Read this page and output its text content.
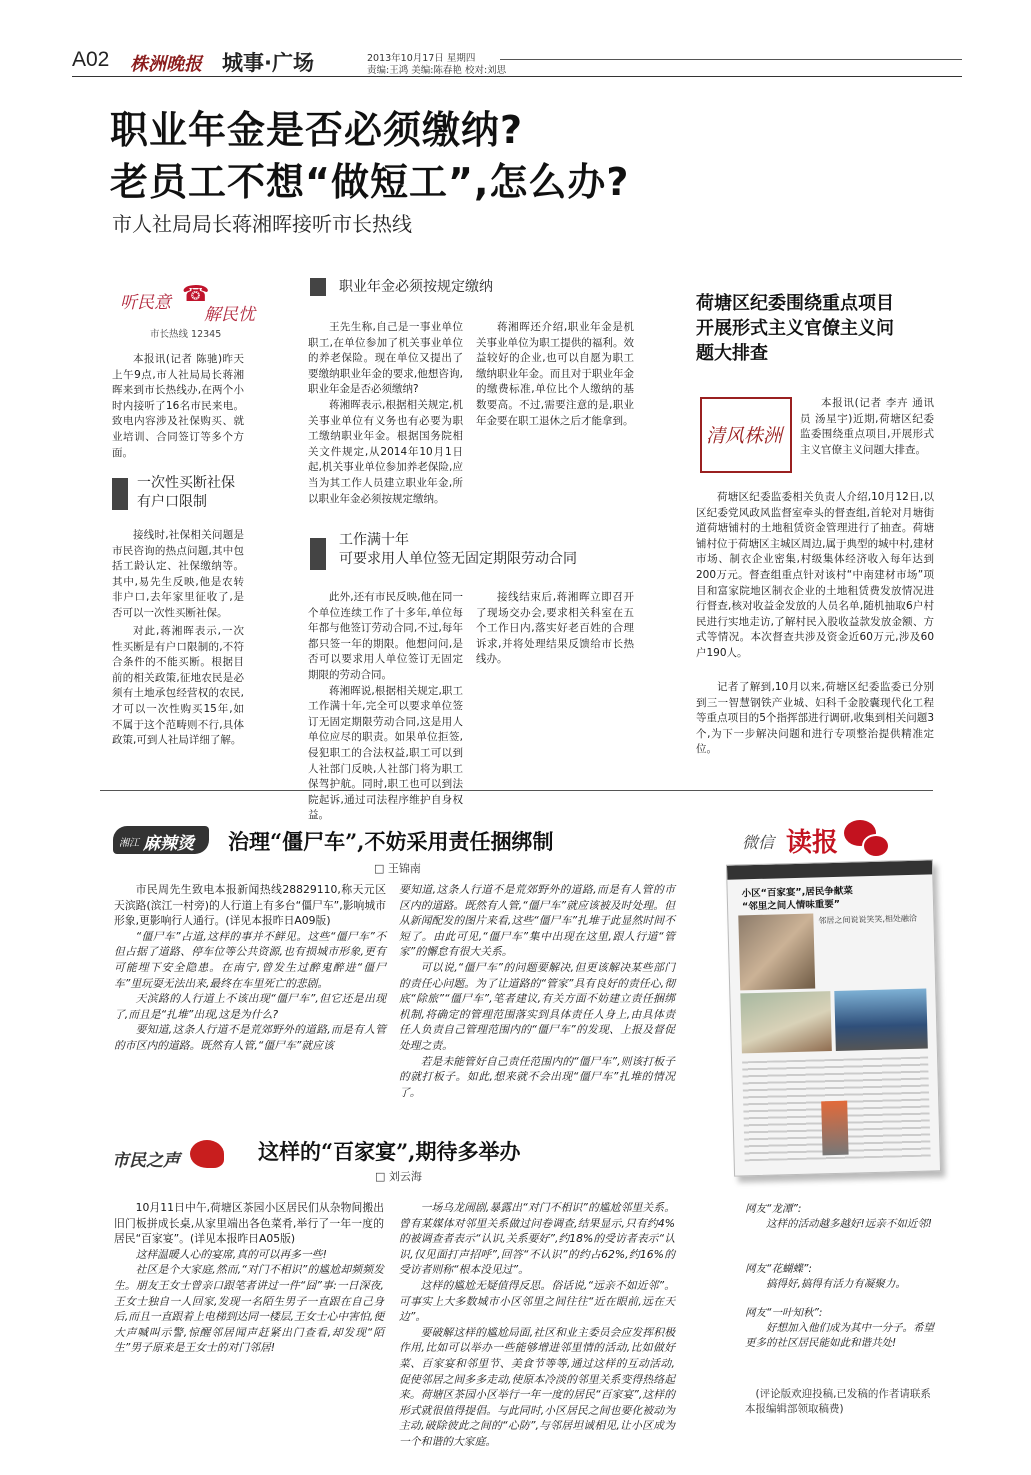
A02 株洲晚报 城事·广场	2013年10月17日 星期四
责编:王鸿 美编:陈春艳 校对:刘思
职业年金是否必须缴纳?
老员工不想“做短工”,怎么办?
市人社局局长蒋湘晖接听市长热线
听民意 ☎
解民忧
市长热线 12345
本报讯(记者 陈驰)昨天上午9点,市人社局局长蒋湘晖来到市长热线办,在两个小时内接听了16名市民来电。致电内容涉及社保购买、就业培训、合同签订等多个方面。
一次性买断社保
有户口限制
接线时,社保相关问题是市民咨询的热点问题,其中包括工龄认定、社保缴纳等。其中,易先生反映,他是农转非户口,去年家里征收了,是否可以一次性买断社保。
对此,蒋湘晖表示,一次性买断是有户口限制的,不符合条件的不能买断。根据目前的相关政策,征地农民是必须有土地承包经营权的农民,才可以一次性购买15年,如不属于这个范畴则不行,具体政策,可到人社局详细了解。
职业年金必须按规定缴纳

王先生称,自己是一事业单位职工,在单位参加了机关事业单位的养老保险。现在单位又提出了要缴纳职业年金的要求,他想咨询,职业年金是否必须缴纳?

蒋湘晖表示,根据相关规定,机关事业单位有义务也有必要为职工缴纳职业年金。根据国务院相关文件规定,从2014年10月1日起,机关事业单位参加养老保险,应当为其工作人员建立职业年金,所以职业年金必须按规定缴纳。

蒋湘晖还介绍,职业年金是机关事业单位为职工提供的福利。效益较好的企业,也可以自愿为职工缴纳职业年金。而且对于职业年金的缴费标准,单位比个人缴纳的基数要高。不过,需要注意的是,职业年金要在职工退休之后才能拿到。

工作满十年
可要求用人单位签无固定期限劳动合同

此外,还有市民反映,他在同一个单位连续工作了十多年,单位每年都与他签订劳动合同,不过,每年都只签一年的期限。他想问问,是否可以要求用人单位签订无固定期限的劳动合同。

蒋湘晖说,根据相关规定,职工工作满十年,完全可以要求单位签订无固定期限劳动合同,这是用人单位应尽的职责。如果单位拒签,侵犯职工的合法权益,职工可以到人社部门反映,人社部门将为职工保驾护航。同时,职工也可以到法院起诉,通过司法程序维护自身权益。

接线结束后,蒋湘晖立即召开了现场交办会,要求相关科室在五个工作日内,落实好老百姓的合理诉求,并将处理结果反馈给市长热线办。

荷塘区纪委围绕重点项目
开展形式主义官僚主义问
题大排查
清风株洲
本报讯(记者 李卉 通讯员 汤星宇)近期,荷塘区纪委监委围绕重点项目,开展形式主义官僚主义问题大排查。
荷塘区纪委监委相关负责人介绍,10月12日,以区纪委党风政风监督室牵头的督查组,首轮对月塘街道荷塘铺村的土地租赁资金管理进行了抽查。荷塘铺村位于荷塘区主城区周边,属于典型的城中村,建材市场、制衣企业密集,村级集体经济收入每年达到200万元。督查组重点针对该村“中南建材市场”项目和富家院地区制衣企业的土地租赁费发放情况进行督查,核对收益金发放的人员名单,随机抽取6户村民进行实地走访,了解村民入股收益款发放金额、方式等情况。本次督查共涉及资金近60万元,涉及60户190人。
记者了解到,10月以来,荷塘区纪委监委已分别到三一智慧钢铁产业城、妇科千金胶囊现代化工程等重点项目的5个指挥部进行调研,收集到相关问题3个,为下一步解决问题和进行专项整治提供精准定位。
湘江 麻辣烫 治理“僵尸车”,不妨采用责任捆绑制
□ 王锦南

市民周先生致电本报新闻热线28829110,称天元区天滨路(滨江一村旁)的人行道上有多台“僵尸车”,影响城市形象,更影响行人通行。(详见本报昨日A09版)

“僵尸车”占道,这样的事并不鲜见。这些“僵尸车”不但占据了道路、停车位等公共资源,也有损城市形象,更有可能埋下安全隐患。在南宁,曾发生过醉鬼醉进“僵尸车”里玩耍无法出来,最终在车里死亡的悲剧。

天滨路的人行道上不该出现“僵尸车”,但它还是出现了,而且是“扎堆”出现,这是为什么?

要知道,这条人行道不是荒郊野外的道路,而是有人管的市区内的道路。既然有人管,“僵尸车”就应该

要知道,这条人行道不是荒郊野外的道路,而是有人管的市区内的道路。既然有人管,“僵尸车”就应该被及时处理。但从新闻配发的图片来看,这些“僵尸车”扎堆于此显然时间不短了。由此可见,“僵尸车”集中出现在这里,跟人行道“管家”的懈怠有很大关系。

可以说,“僵尸车”的问题要解决,但更该解决某些部门的责任心问题。为了让道路的“管家”具有良好的责任心,彻底“除旅”“僵尸车”,笔者建议,有关方面不妨建立责任捆绑机制,将确定的管理范围落实到具体责任人身上,由具体责任人负责自己管理范围内的“僵尸车”的发现、上报及督促处理之责。

若是未能管好自己责任范围内的“僵尸车”,则该打板子的就打板子。如此,想来就不会出现“僵尸车”扎堆的情况了。

市民之声	这样的“百家宴”,期待多举办
□ 刘云海

10月11日中午,荷塘区茶园小区居民们从杂物间搬出旧门板拼成长桌,从家里端出各色菜肴,举行了一年一度的居民“百家宴”。(详见本报昨日A05版)

这样温暖人心的宴席,真的可以再多一些!

社区是个大家庭,然而,“对门不相识”的尴尬却频频发生。朋友王女士曾亲口跟笔者讲过一件“囧”事:一日深夜,王女士独自一人回家,发现一名陌生男子一直跟在自己身后,而且一直跟着上电梯到达同一楼层,王女士心中害怕,便大声喊叫示警,惊醒邻居闻声赶紧出门查看,却发现“陌生”男子原来是王女士的对门邻居!

一场乌龙闹剧,暴露出“对门不相识”的尴尬邻里关系。曾有某媒体对邻里关系做过问卷调查,结果显示,只有约4%的被调查者表示“认识,关系要好”,约18%的受访者表示“认识,仅见面打声招呼”,回答“不认识”的约占62%,约16%的受访者则称“根本没见过”。

这样的尴尬无疑值得反思。俗话说,“远亲不如近邻”。可事实上大多数城市小区邻里之间往往“近在眼前,远在天边”。

要破解这样的尴尬局面,社区和业主委员会应发挥积极作用,比如可以举办一些能够增进邻里情的活动,比如做好菜、百家宴和邻里节、美食节等等,通过这样的互动活动,促使邻居之间多多走动,使原本冷淡的邻里关系变得热络起来。荷塘区茶园小区举行一年一度的居民“百家宴”,这样的形式就很值得提倡。与此同时,小区居民之间也要化被动为主动,破除彼此之间的“心防”,与邻居坦诚相见,让小区成为一个和谐的大家庭。

微信 读报
小区“百家宴”,居民争献菜
“邻里之间人情味重要”
邻居之间说说笑笑,相处融洽
网友“龙潭”:
这样的活动越多越好!远亲不如近邻!
网友“花蝴蝶”:
搞得好,搞得有活力有凝聚力。
网友“一叶知秋”:
好想加入他们成为其中一分子。希望更多的社区居民能如此和谐共处!
(评论版欢迎投稿,已发稿的作者请联系本报编辑部领取稿费)
